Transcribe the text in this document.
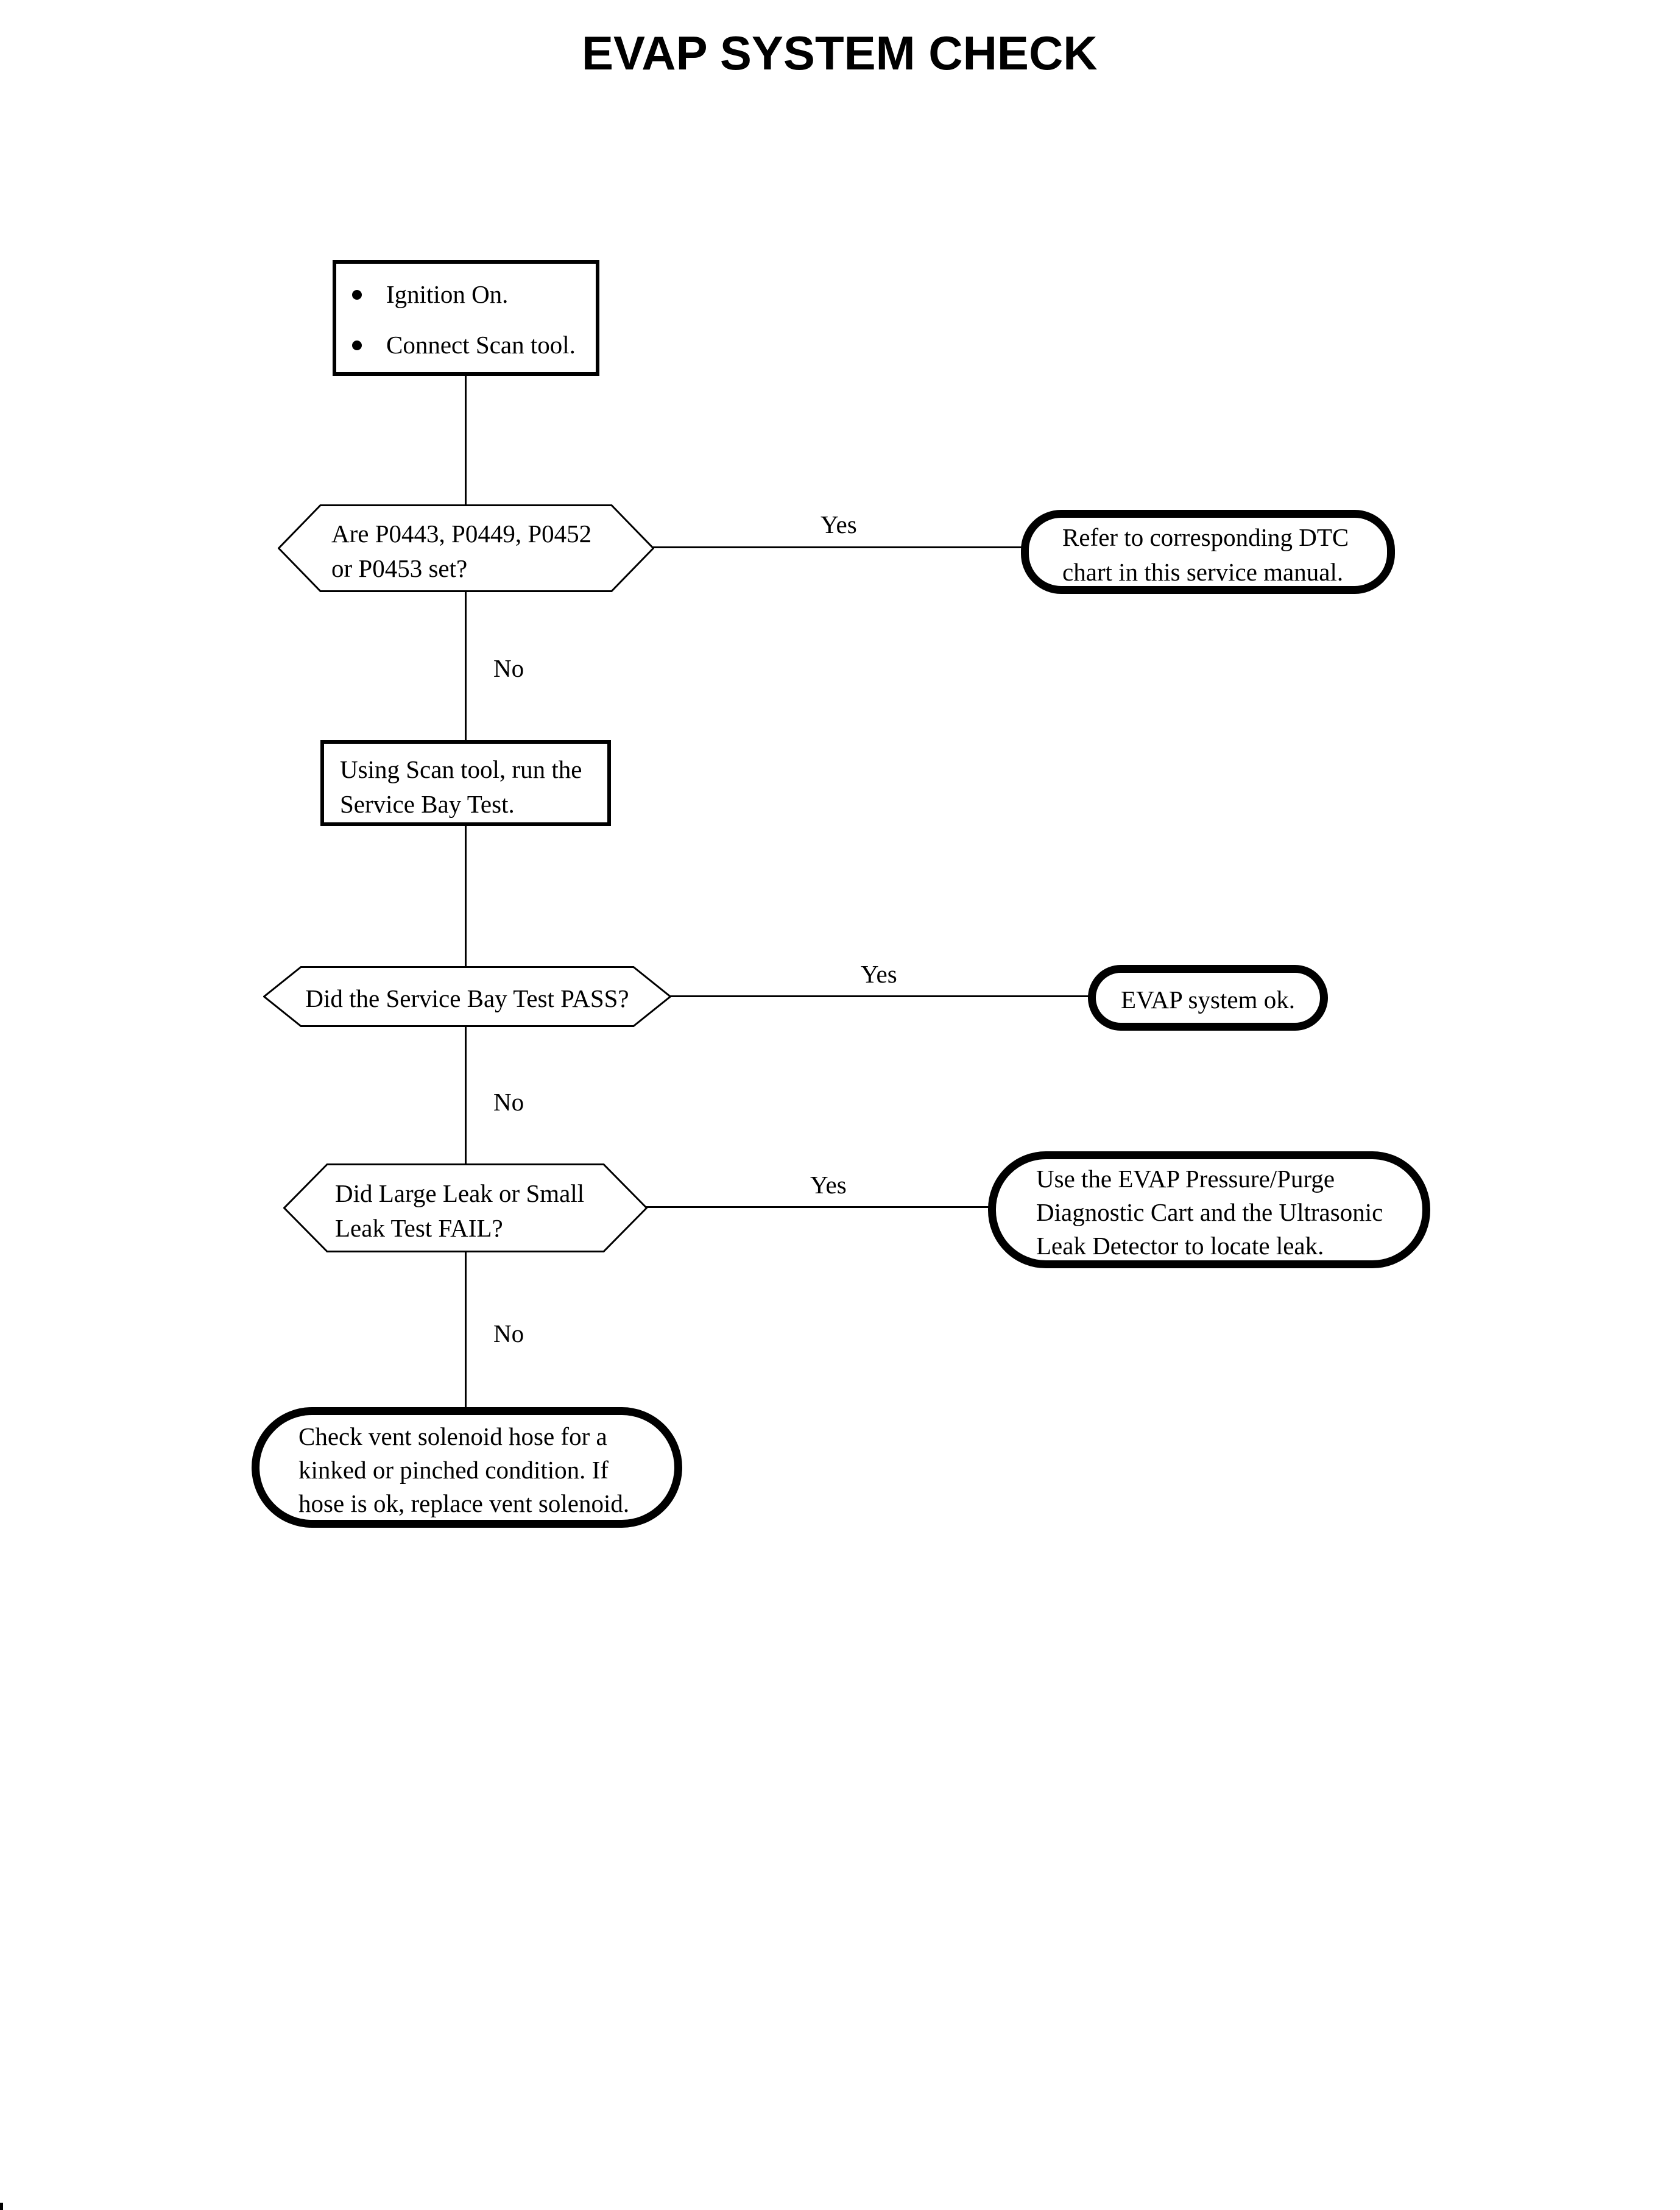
EVAP SYSTEM CHECK
Yes
No
Yes
No
Yes
No
Ignition On.
Connect Scan tool.
Are P0443, P0449, P0452
or P0453 set?
Refer to corresponding DTC
chart in this service manual.
Using Scan tool, run the
Service Bay Test.
Did the Service Bay Test PASS?	EVAP system ok.
Did Large Leak or Small
Leak Test FAIL?
Use the EVAP Pressure/Purge
Diagnostic Cart and the Ultrasonic
Leak Detector to locate leak.
Check vent solenoid hose for a
kinked or pinched condition. If
hose is ok, replace vent solenoid.
